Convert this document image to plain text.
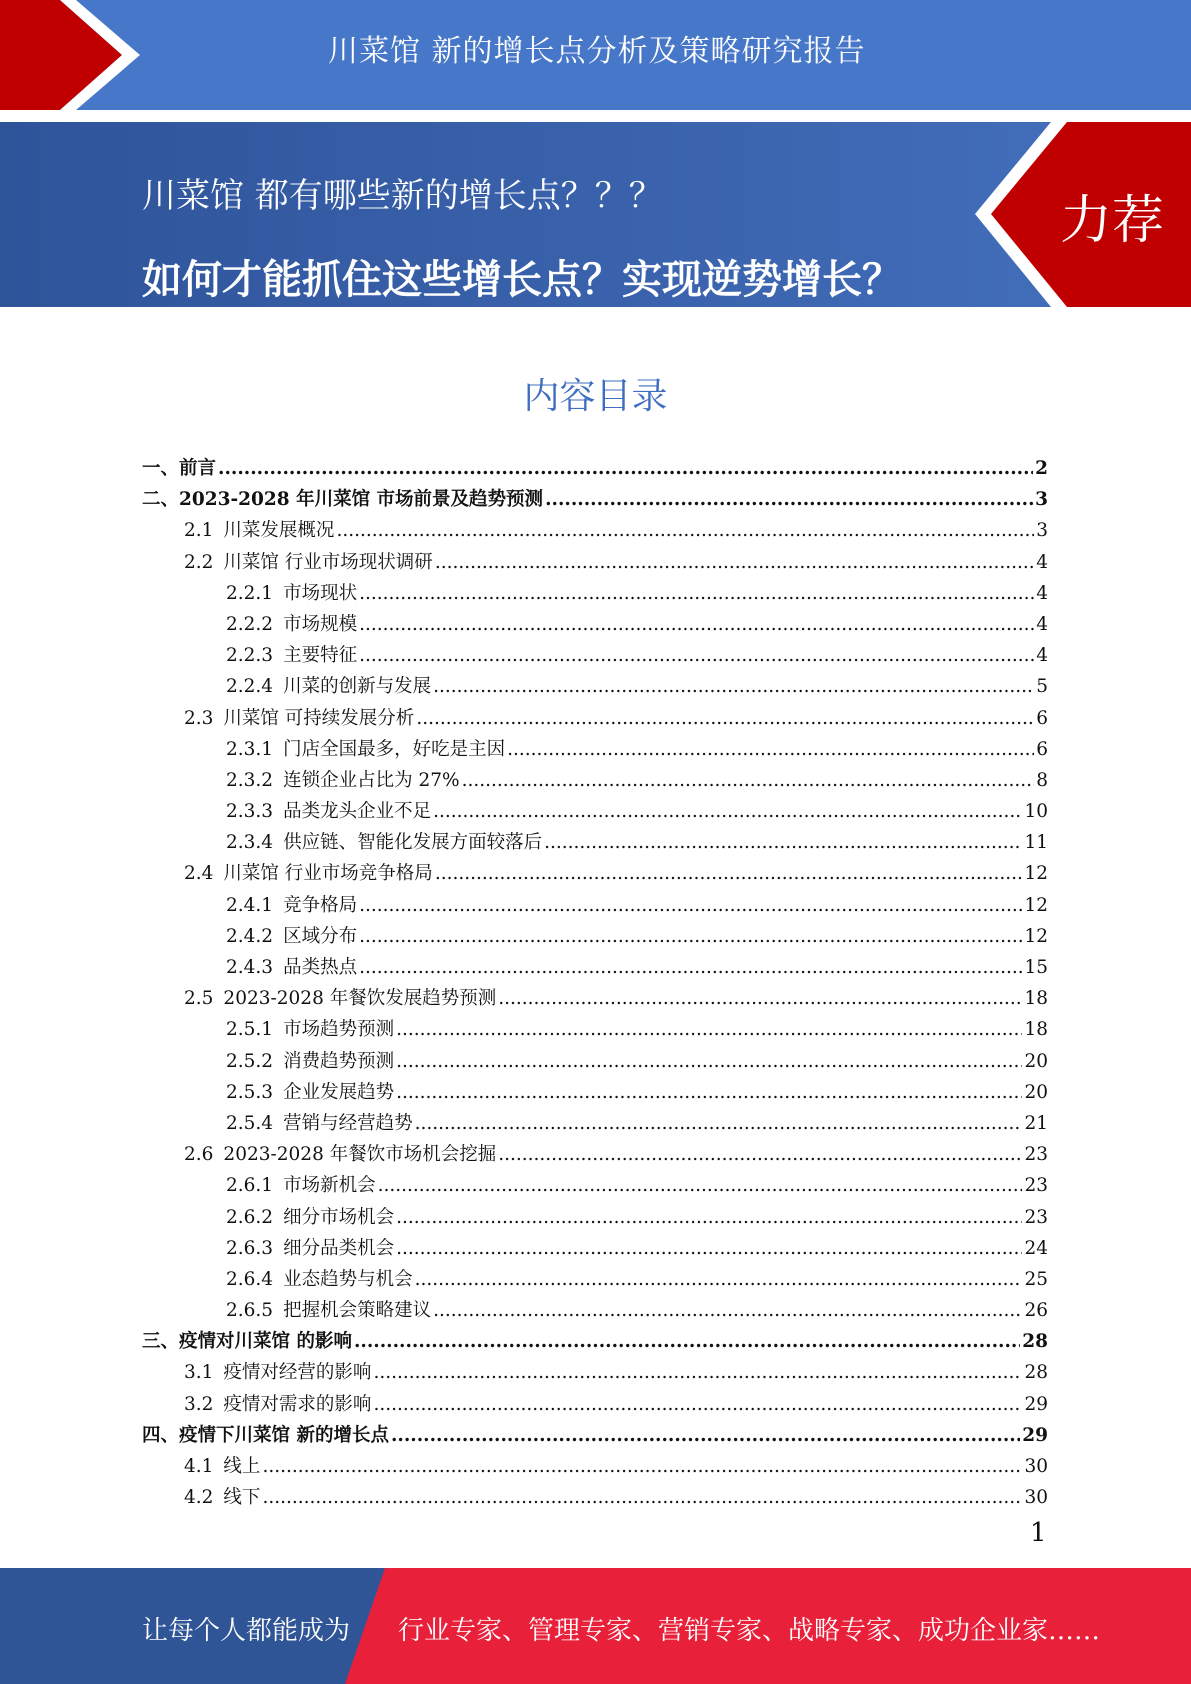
川菜馆 新的增长点分析及策略研究报告
川菜馆 都有哪些新的增长点？？？
如何才能抓住这些增长点？实现逆势增长？
力荐
内容目录
一、 前言 .....	2
二、 2023-2028 年川菜馆 市场前景及趋势预测 .....	3
2.1 川菜发展概况 .....	3
2.2 川菜馆 行业市场现状调研 .....	4
2.2.1 市场现状 .....	4
2.2.2 市场规模 .....	4
2.2.3 主要特征 .....	4
2.2.4 川菜的创新与发展 .....	5
2.3 川菜馆 可持续发展分析 .....	6
2.3.1 门店全国最多，好吃是主因 .....	6
2.3.2 连锁企业占比为 27% .....	8
2.3.3 品类龙头企业不足 .....	10
2.3.4 供应链、智能化发展方面较落后 .....	11
2.4 川菜馆 行业市场竞争格局 .....	12
2.4.1 竞争格局 .....	12
2.4.2 区域分布 .....	12
2.4.3 品类热点 .....	15
2.5 2023-2028 年餐饮发展趋势预测 .....	18
2.5.1 市场趋势预测 .....	18
2.5.2 消费趋势预测 .....	20
2.5.3 企业发展趋势 .....	20
2.5.4 营销与经营趋势 .....	21
2.6 2023-2028 年餐饮市场机会挖掘 .....	23
2.6.1 市场新机会 .....	23
2.6.2 细分市场机会 .....	23
2.6.3 细分品类机会 .....	24
2.6.4 业态趋势与机会 .....	25
2.6.5 把握机会策略建议 .....	26
三、 疫情对川菜馆 的影响 .....	28
3.1 疫情对经营的影响 .....	28
3.2 疫情对需求的影响 .....	29
四、 疫情下川菜馆 新的增长点 .....	29
4.1 线上 .....	30
4.2 线下 .....	30
1
让每个人都能成为 行业专家、管理专家、营销专家、战略专家、成功企业家……
